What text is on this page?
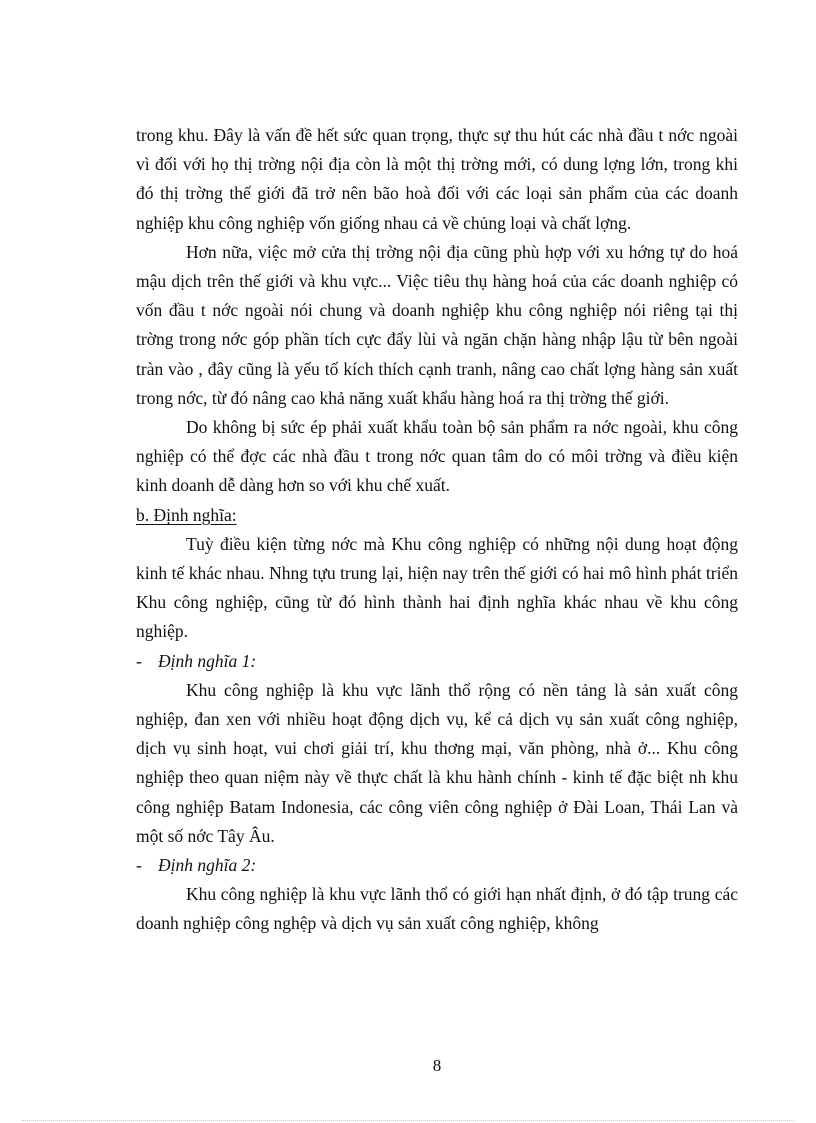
trong khu. Đây là vấn đề hết sức quan trọng, thực sự thu hút các nhà đầu t nớc ngoài vì đối với họ thị trờng nội địa còn là một thị trờng mới, có dung lợng lớn, trong khi đó thị trờng thế giới đã trở nên bão hoà đối với các loại sản phẩm của các doanh nghiệp khu công nghiệp vốn giống nhau cả về chủng loại và chất lợng.

Hơn nữa, việc mở cửa thị trờng nội địa cũng phù hợp với xu hớng tự do hoá mậu dịch trên thế giới và khu vực... Việc tiêu thụ hàng hoá của các doanh nghiệp có vốn đầu t nớc ngoài nói chung và doanh nghiệp khu công nghiệp nói riêng tại thị trờng trong nớc góp phần tích cực đẩy lùi và ngăn chặn hàng nhập lậu từ bên ngoài tràn vào , đây cũng là yếu tố kích thích cạnh tranh, nâng cao chất lợng hàng sản xuất trong nớc, từ đó nâng cao khả năng xuất khẩu hàng hoá ra thị trờng thế giới.

Do không bị sức ép phải xuất khẩu toàn bộ sản phẩm ra nớc ngoài, khu công nghiệp có thể đợc các nhà đầu t trong nớc quan tâm do có môi trờng và điều kiện kinh doanh dễ dàng hơn so với khu chế xuất.

b. Định nghĩa:

Tuỳ điều kiện từng nớc mà Khu công nghiệp có những nội dung hoạt động kinh tế khác nhau. Nhng tựu trung lại, hiện nay trên thế giới có hai mô hình phát triển Khu công nghiệp, cũng từ đó hình thành hai định nghĩa khác nhau về khu công nghiệp.

- Định nghĩa 1:

Khu công nghiệp là khu vực lãnh thổ rộng có nền tảng là sản xuất công nghiệp, đan xen với nhiều hoạt động dịch vụ, kể cả dịch vụ sản xuất công nghiệp, dịch vụ sinh hoạt, vui chơi giải trí, khu thơng mại, văn phòng, nhà ở... Khu công nghiệp theo quan niệm này về thực chất là khu hành chính - kinh tế đặc biệt nh khu công nghiệp Batam Indonesia, các công viên công nghiệp ở Đài Loan, Thái Lan và một số nớc Tây Âu.

- Định nghĩa 2:

Khu công nghiệp là khu vực lãnh thổ có giới hạn nhất định, ở đó tập trung các doanh nghiệp công nghệp và dịch vụ sản xuất công nghiệp, không

8
